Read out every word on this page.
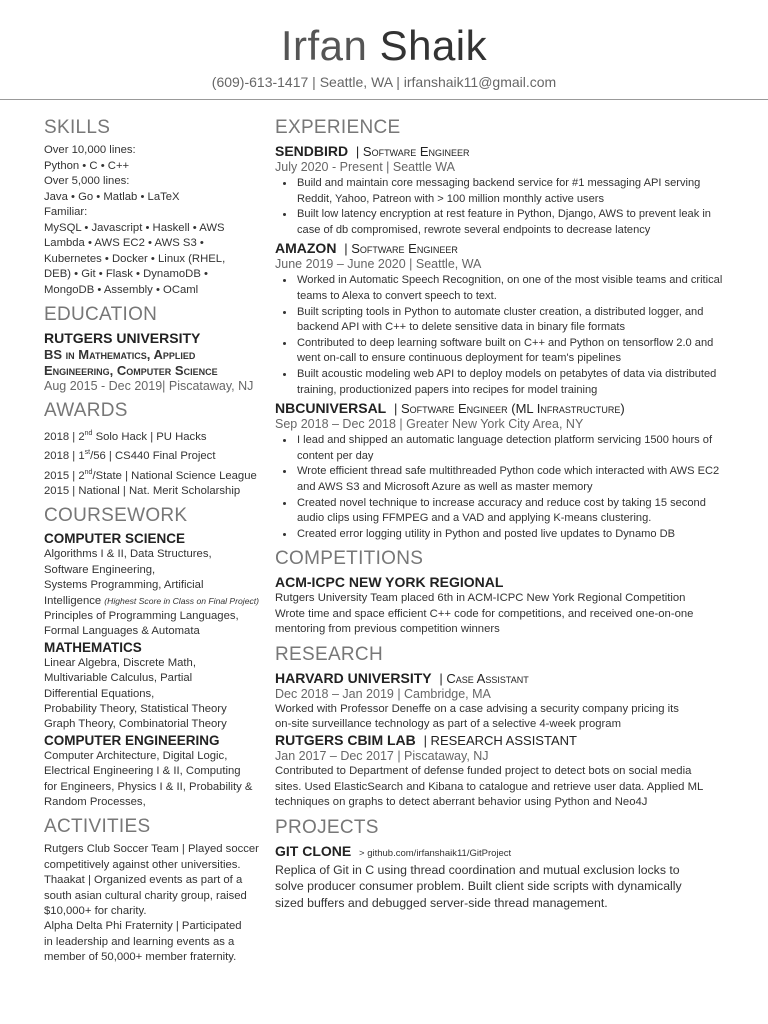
Irfan Shaik
(609)-613-1417 | Seattle, WA | irfanshaik11@gmail.com
SKILLS
Over 10,000 lines:
Python • C • C++
Over 5,000 lines:
Java • Go • Matlab • LaTeX
Familiar:
MySQL • Javascript • Haskell • AWS
Lambda • AWS EC2 • AWS S3 •
Kubernetes • Docker • Linux (RHEL,
DEB) • Git • Flask • DynamoDB •
MongoDB • Assembly • OCaml
EDUCATION
RUTGERS UNIVERSITY
BS in Mathematics, Applied
Engineering, Computer Science
Aug 2015 - Dec 2019| Piscataway, NJ
AWARDS
2018 | 2nd Solo Hack | PU Hacks
2018 | 1st/56 | CS440 Final Project
2015 | 2nd/State | National Science League
2015 | National | Nat. Merit Scholarship
COURSEWORK
COMPUTER SCIENCE
Algorithms I & II, Data Structures,
Software Engineering,
Systems Programming, Artificial
Intelligence (Highest Score in Class on Final Project)
Principles of Programming Languages,
Formal Languages & Automata
MATHEMATICS
Linear Algebra, Discrete Math,
Multivariable Calculus, Partial
Differential Equations,
Probability Theory, Statistical Theory
Graph Theory, Combinatorial Theory
COMPUTER ENGINEERING
Computer Architecture, Digital Logic,
Electrical Engineering I & II, Computing
for Engineers, Physics I & II, Probability &
Random Processes,
ACTIVITIES
Rutgers Club Soccer Team | Played soccer
competitively against other universities.
Thaakat | Organized events as part of a
south asian cultural charity group, raised
$10,000+ for charity.
Alpha Delta Phi Fraternity | Participated
in leadership and learning events as a
member of 50,000+ member fraternity.
EXPERIENCE
SENDBIRD | Software Engineer
July 2020 - Present | Seattle WA
• Build and maintain core messaging backend service for #1 messaging API serving Reddit, Yahoo, Patreon with > 100 million monthly active users
• Built low latency encryption at rest feature in Python, Django, AWS to prevent leak in case of db compromised, rewrote several endpoints to decrease latency
AMAZON | Software Engineer
June 2019 – June 2020 | Seattle, WA
• Worked in Automatic Speech Recognition, on one of the most visible teams and critical teams to Alexa to convert speech to text.
• Built scripting tools in Python to automate cluster creation, a distributed logger, and backend API with C++ to delete sensitive data in binary file formats
• Contributed to deep learning software built on C++ and Python on tensorflow 2.0 and went on-call to ensure continuous deployment for team's pipelines
• Built acoustic modeling web API to deploy models on petabytes of data via distributed training, productionized papers into recipes for model training
NBCUNIVERSAL | Software Engineer (ML Infrastructure)
Sep 2018 – Dec 2018 | Greater New York City Area, NY
• I lead and shipped an automatic language detection platform servicing 1500 hours of content per day
• Wrote efficient thread safe multithreaded Python code which interacted with AWS EC2 and AWS S3 and Microsoft Azure as well as master memory
• Created novel technique to increase accuracy and reduce cost by taking 15 second audio clips using FFMPEG and a VAD and applying K-means clustering.
• Created error logging utility in Python and posted live updates to Dynamo DB
COMPETITIONS
ACM-ICPC NEW YORK REGIONAL
Rutgers University Team placed 6th in ACM-ICPC New York Regional Competition
Wrote time and space efficient C++ code for competitions, and received one-on-one
mentoring from previous competition winners
RESEARCH
HARVARD UNIVERSITY | Case Assistant
Dec 2018 – Jan 2019 | Cambridge, MA
Worked with Professor Deneffe on a case advising a security company pricing its
on-site surveillance technology as part of a selective 4-week program
RUTGERS CBIM LAB | RESEARCH ASSISTANT
Jan 2017 – Dec 2017 | Piscataway, NJ
Contributed to Department of defense funded project to detect bots on social media
sites. Used ElasticSearch and Kibana to catalogue and retrieve user data. Applied ML
techniques on graphs to detect aberrant behavior using Python and Neo4J
PROJECTS
GIT CLONE > github.com/irfanshaik11/GitProject
Replica of Git in C using thread coordination and mutual exclusion locks to
solve producer consumer problem. Built client side scripts with dynamically
sized buffers and debugged server-side thread management.
